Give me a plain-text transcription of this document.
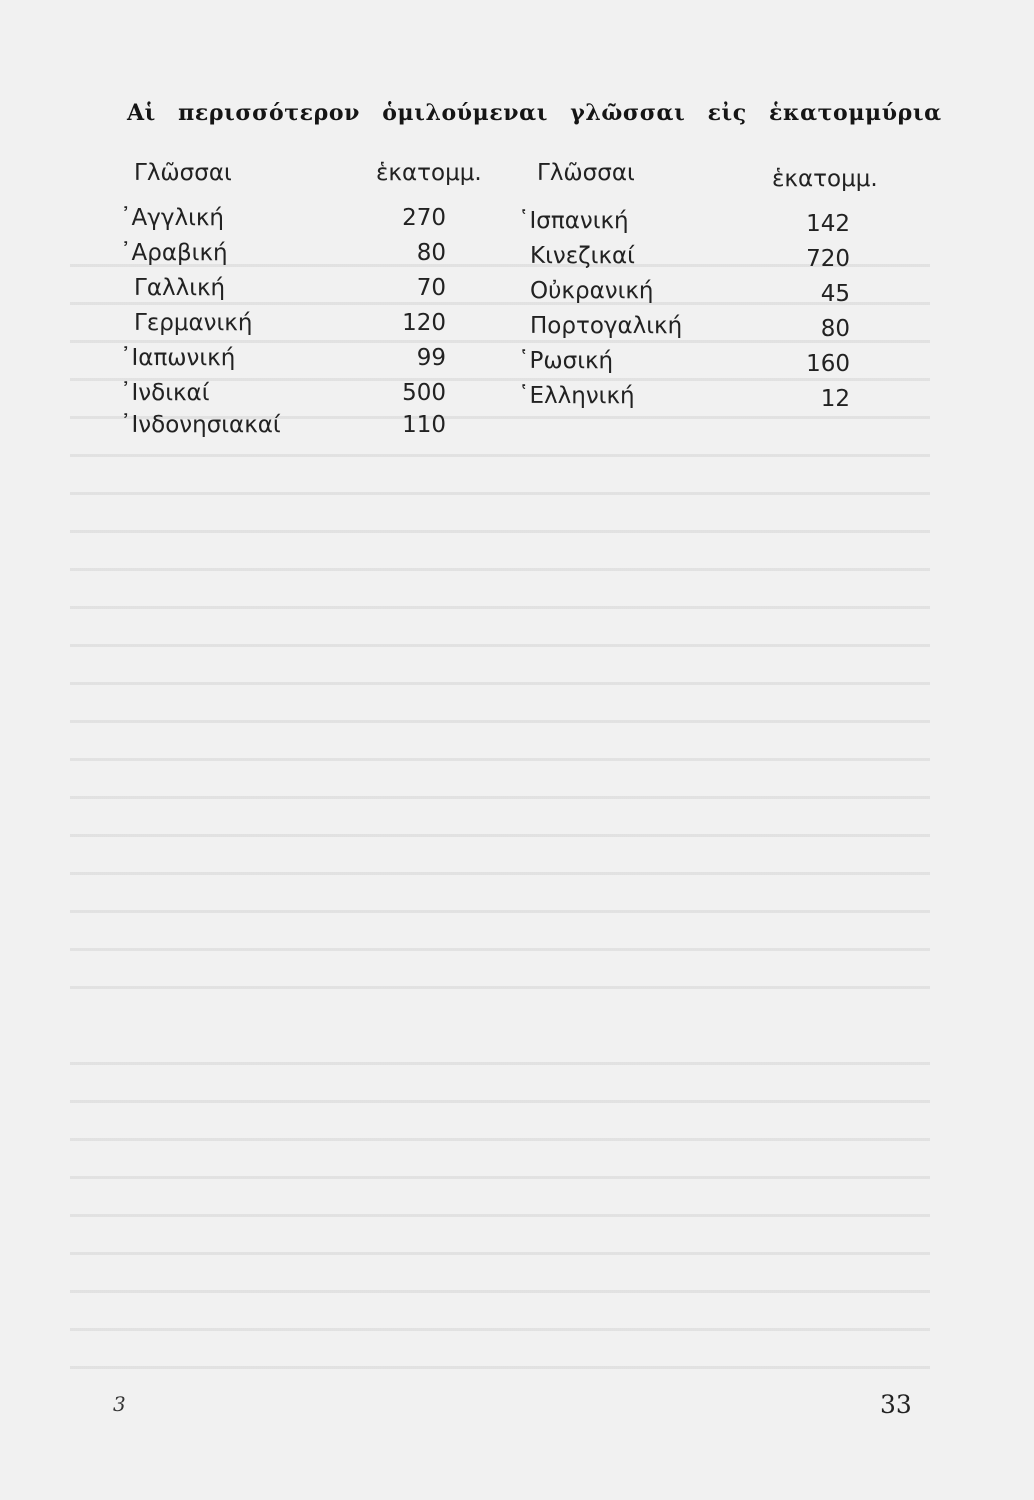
Αἱ περισσότερον ὁμιλούμεναι γλῶσσαι εἰς ἑκατομμύρια
Γλῶσσαι	ἑκατομμ. Γλῶσσαι	ἑκατομμ.
᾿Αγγλική	270
᾿Αραβική	80
Γαλλική	70
Γερμανική	120
᾿Ιαπωνική	99
᾿Ινδικαί	500
᾿Ινδονησιακαί	110
῾Ισπανική	142
Κινεζικαί	720
Οὐκρανική	45
Πορτογαλική	80
῾Ρωσική	160
῾Ελληνική	12
3	33
